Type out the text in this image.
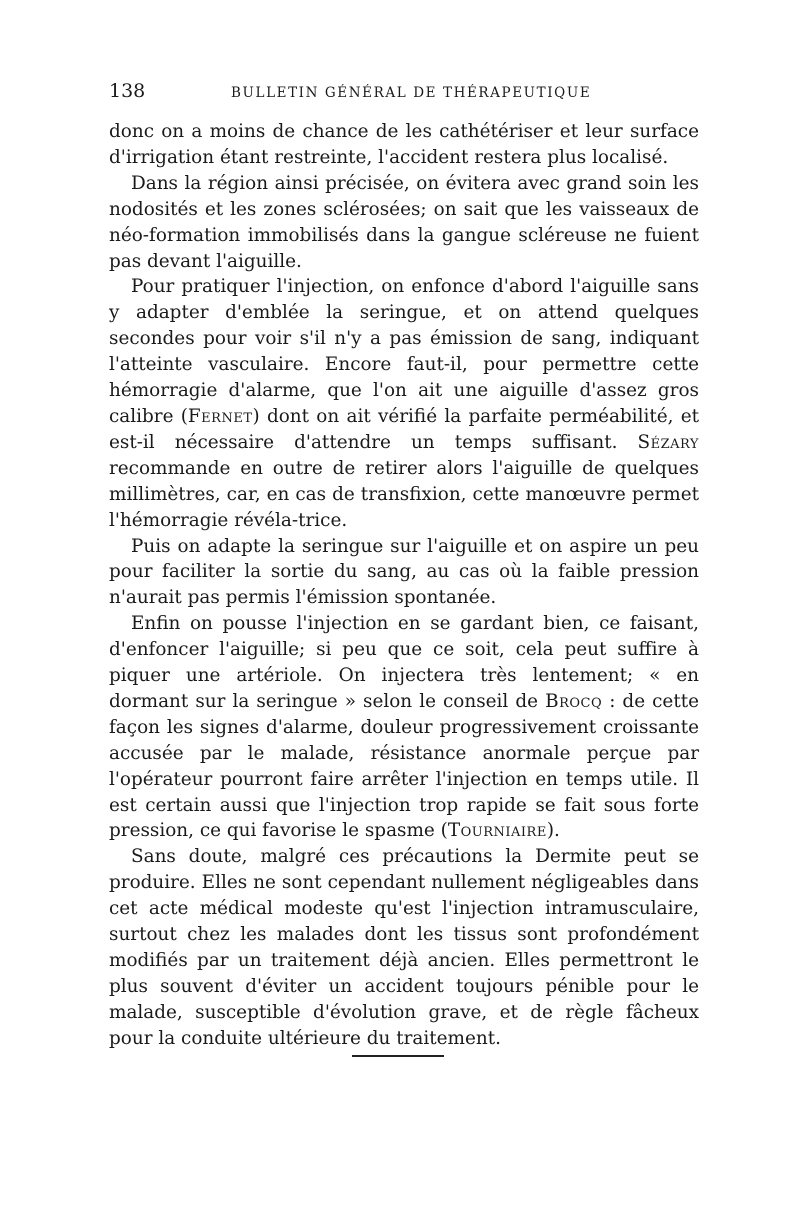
138	BULLETIN GÉNÉRAL DE THÉRAPEUTIQUE

donc on a moins de chance de les cathétériser et leur surface d'irrigation étant restreinte, l'accident restera plus localisé.

Dans la région ainsi précisée, on évitera avec grand soin les nodosités et les zones sclérosées; on sait que les vaisseaux de néo-formation immobilisés dans la gangue scléreuse ne fuient pas devant l'aiguille.

Pour pratiquer l'injection, on enfonce d'abord l'aiguille sans y adapter d'emblée la seringue, et on attend quelques secondes pour voir s'il n'y a pas émission de sang, indiquant l'atteinte vasculaire. Encore faut-il, pour permettre cette hémorragie d'alarme, que l'on ait une aiguille d'assez gros calibre (Fernet) dont on ait vérifié la parfaite perméabilité, et est-il nécessaire d'attendre un temps suffisant. Sézary recommande en outre de retirer alors l'aiguille de quelques millimètres, car, en cas de transfixion, cette manœuvre permet l'hémorragie révéla-trice.

Puis on adapte la seringue sur l'aiguille et on aspire un peu pour faciliter la sortie du sang, au cas où la faible pression n'aurait pas permis l'émission spontanée.

Enfin on pousse l'injection en se gardant bien, ce faisant, d'enfoncer l'aiguille; si peu que ce soit, cela peut suffire à piquer une artériole. On injectera très lentement; « en dormant sur la seringue » selon le conseil de Brocq : de cette façon les signes d'alarme, douleur progressivement croissante accusée par le malade, résistance anormale perçue par l'opérateur pourront faire arrêter l'injection en temps utile. Il est certain aussi que l'injection trop rapide se fait sous forte pression, ce qui favorise le spasme (Tourniaire).

Sans doute, malgré ces précautions la Dermite peut se produire. Elles ne sont cependant nullement négligeables dans cet acte médical modeste qu'est l'injection intramusculaire, surtout chez les malades dont les tissus sont profondément modifiés par un traitement déjà ancien. Elles permettront le plus souvent d'éviter un accident toujours pénible pour le malade, susceptible d'évolution grave, et de règle fâcheux pour la conduite ultérieure du traitement.
